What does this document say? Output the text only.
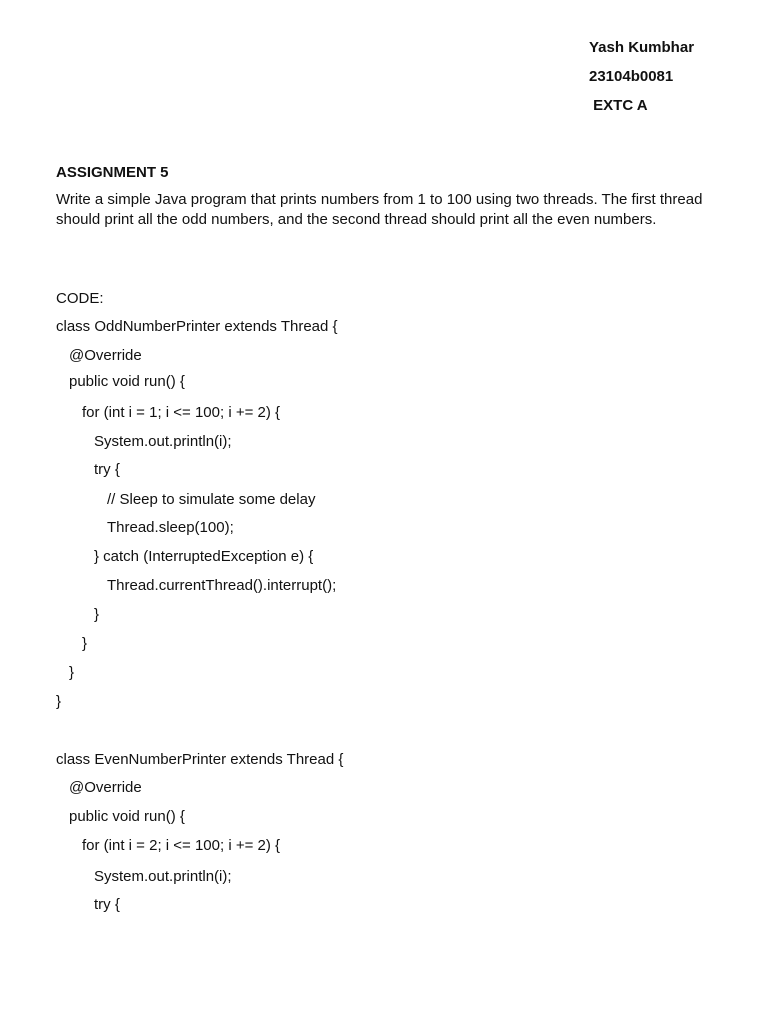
Yash Kumbhar
23104b0081
EXTC A
ASSIGNMENT 5

Write a simple Java program that prints numbers from 1 to 100 using two threads. The first thread should print all the odd numbers, and the second thread should print all the even numbers.

CODE:

class OddNumberPrinter extends Thread {
@Override
public void run() {
for (int i = 1; i <= 100; i += 2) {
System.out.println(i);
try {
// Sleep to simulate some delay
Thread.sleep(100);
} catch (InterruptedException e) {
Thread.currentThread().interrupt();
}
}
}
}
class EvenNumberPrinter extends Thread {
@Override
public void run() {
for (int i = 2; i <= 100; i += 2) {
System.out.println(i);
try {
